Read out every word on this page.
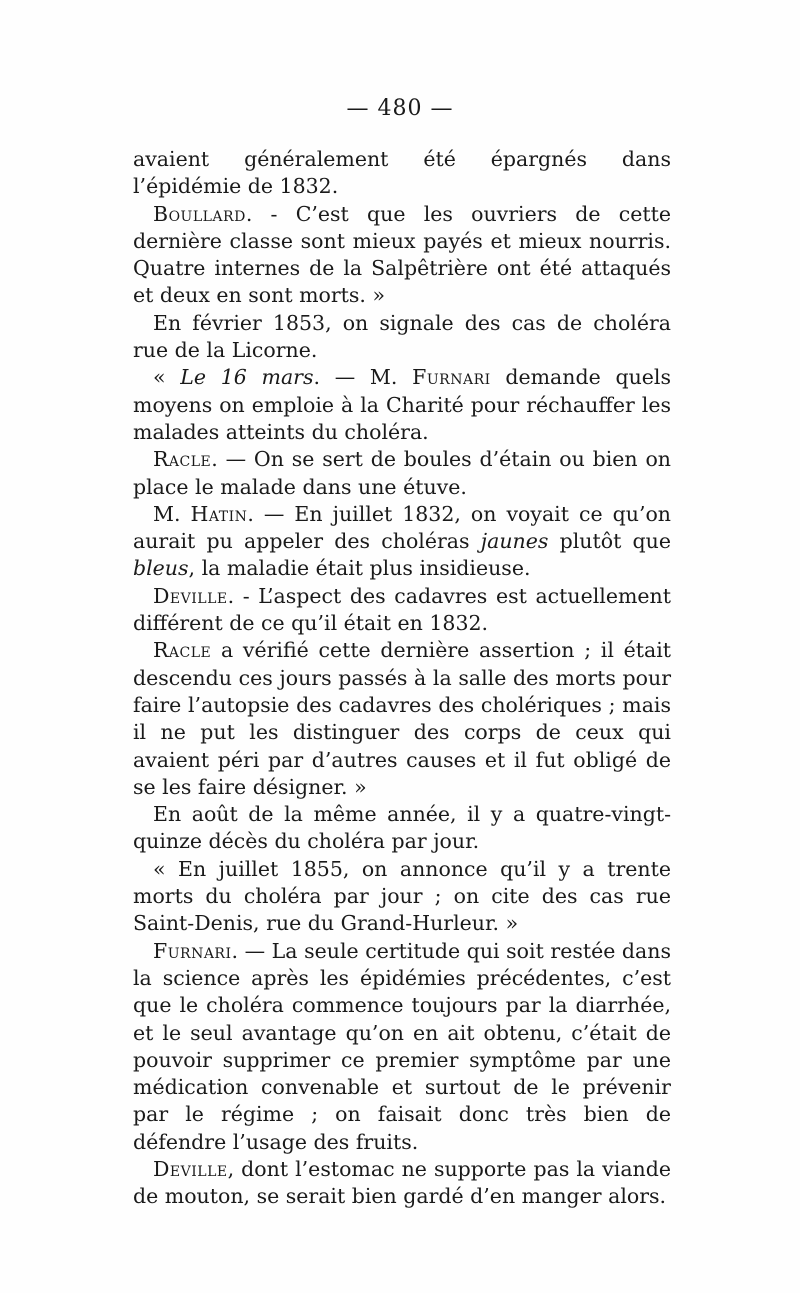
— 480 —

avaient généralement été épargnés dans l’épidémie de 1832.

Boullard. - C’est que les ouvriers de cette dernière classe sont mieux payés et mieux nourris. Quatre internes de la Salpêtrière ont été attaqués et deux en sont morts. »

En février 1853, on signale des cas de choléra rue de la Licorne.

« Le 16 mars. — M. Furnari demande quels moyens on emploie à la Charité pour réchauffer les malades atteints du choléra.

Racle. — On se sert de boules d’étain ou bien on place le malade dans une étuve.

M. Hatin. — En juillet 1832, on voyait ce qu’on aurait pu appeler des choléras jaunes plutôt que bleus, la maladie était plus insidieuse.

Deville. - L’aspect des cadavres est actuellement différent de ce qu’il était en 1832.

Racle a vérifié cette dernière assertion ; il était descendu ces jours passés à la salle des morts pour faire l’autopsie des cadavres des cholériques ; mais il ne put les distinguer des corps de ceux qui avaient péri par d’autres causes et il fut obligé de se les faire désigner. »

En août de la même année, il y a quatre-vingt-quinze décès du choléra par jour.

« En juillet 1855, on annonce qu’il y a trente morts du choléra par jour ; on cite des cas rue Saint-Denis, rue du Grand-Hurleur. »

Furnari. — La seule certitude qui soit restée dans la science après les épidémies précédentes, c’est que le choléra commence toujours par la diarrhée, et le seul avantage qu’on en ait obtenu, c’était de pouvoir supprimer ce premier symptôme par une médication convenable et surtout de le prévenir par le régime ; on faisait donc très bien de défendre l’usage des fruits.

Deville, dont l’estomac ne supporte pas la viande de mouton, se serait bien gardé d’en manger alors.
